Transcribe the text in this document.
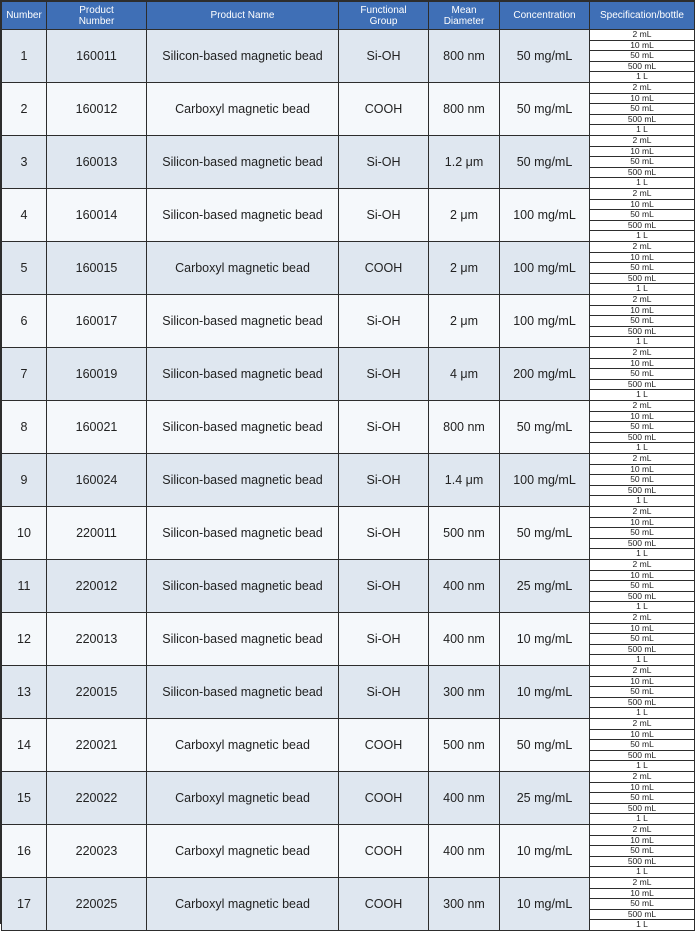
Number	Product Number	Product Name	Functional Group	Mean Diameter	Concentration	Specification/bottle
1	160011	Silicon-based magnetic bead	Si-OH	800 nm	50 mg/mL	2 mL
10 mL
50 mL
500 mL
1 L

2	160012	Carboxyl magnetic bead	COOH	800 nm	50 mg/mL	2 mL
10 mL
50 mL
500 mL
1 L

3	160013	Silicon-based magnetic bead	Si-OH	1.2 μm	50 mg/mL	2 mL
10 mL
50 mL
500 mL
1 L

4	160014	Silicon-based magnetic bead	Si-OH	2 μm	100 mg/mL	2 mL
10 mL
50 mL
500 mL
1 L

5	160015	Carboxyl magnetic bead	COOH	2 μm	100 mg/mL	2 mL
10 mL
50 mL
500 mL
1 L

6	160017	Silicon-based magnetic bead	Si-OH	2 μm	100 mg/mL	2 mL
10 mL
50 mL
500 mL
1 L

7	160019	Silicon-based magnetic bead	Si-OH	4 μm	200 mg/mL	2 mL
10 mL
50 mL
500 mL
1 L

8	160021	Silicon-based magnetic bead	Si-OH	800 nm	50 mg/mL	2 mL
10 mL
50 mL
500 mL
1 L

9	160024	Silicon-based magnetic bead	Si-OH	1.4 μm	100 mg/mL	2 mL
10 mL
50 mL
500 mL
1 L

10	220011	Silicon-based magnetic bead	Si-OH	500 nm	50 mg/mL	2 mL
10 mL
50 mL
500 mL
1 L

11	220012	Silicon-based magnetic bead	Si-OH	400 nm	25 mg/mL	2 mL
10 mL
50 mL
500 mL
1 L

12	220013	Silicon-based magnetic bead	Si-OH	400 nm	10 mg/mL	2 mL
10 mL
50 mL
500 mL
1 L

13	220015	Silicon-based magnetic bead	Si-OH	300 nm	10 mg/mL	2 mL
10 mL
50 mL
500 mL
1 L

14	220021	Carboxyl magnetic bead	COOH	500 nm	50 mg/mL	2 mL
10 mL
50 mL
500 mL
1 L

15	220022	Carboxyl magnetic bead	COOH	400 nm	25 mg/mL	2 mL
10 mL
50 mL
500 mL
1 L

16	220023	Carboxyl magnetic bead	COOH	400 nm	10 mg/mL	2 mL
10 mL
50 mL
500 mL
1 L

17	220025	Carboxyl magnetic bead	COOH	300 nm	10 mg/mL	2 mL
10 mL
50 mL
500 mL
1 L
